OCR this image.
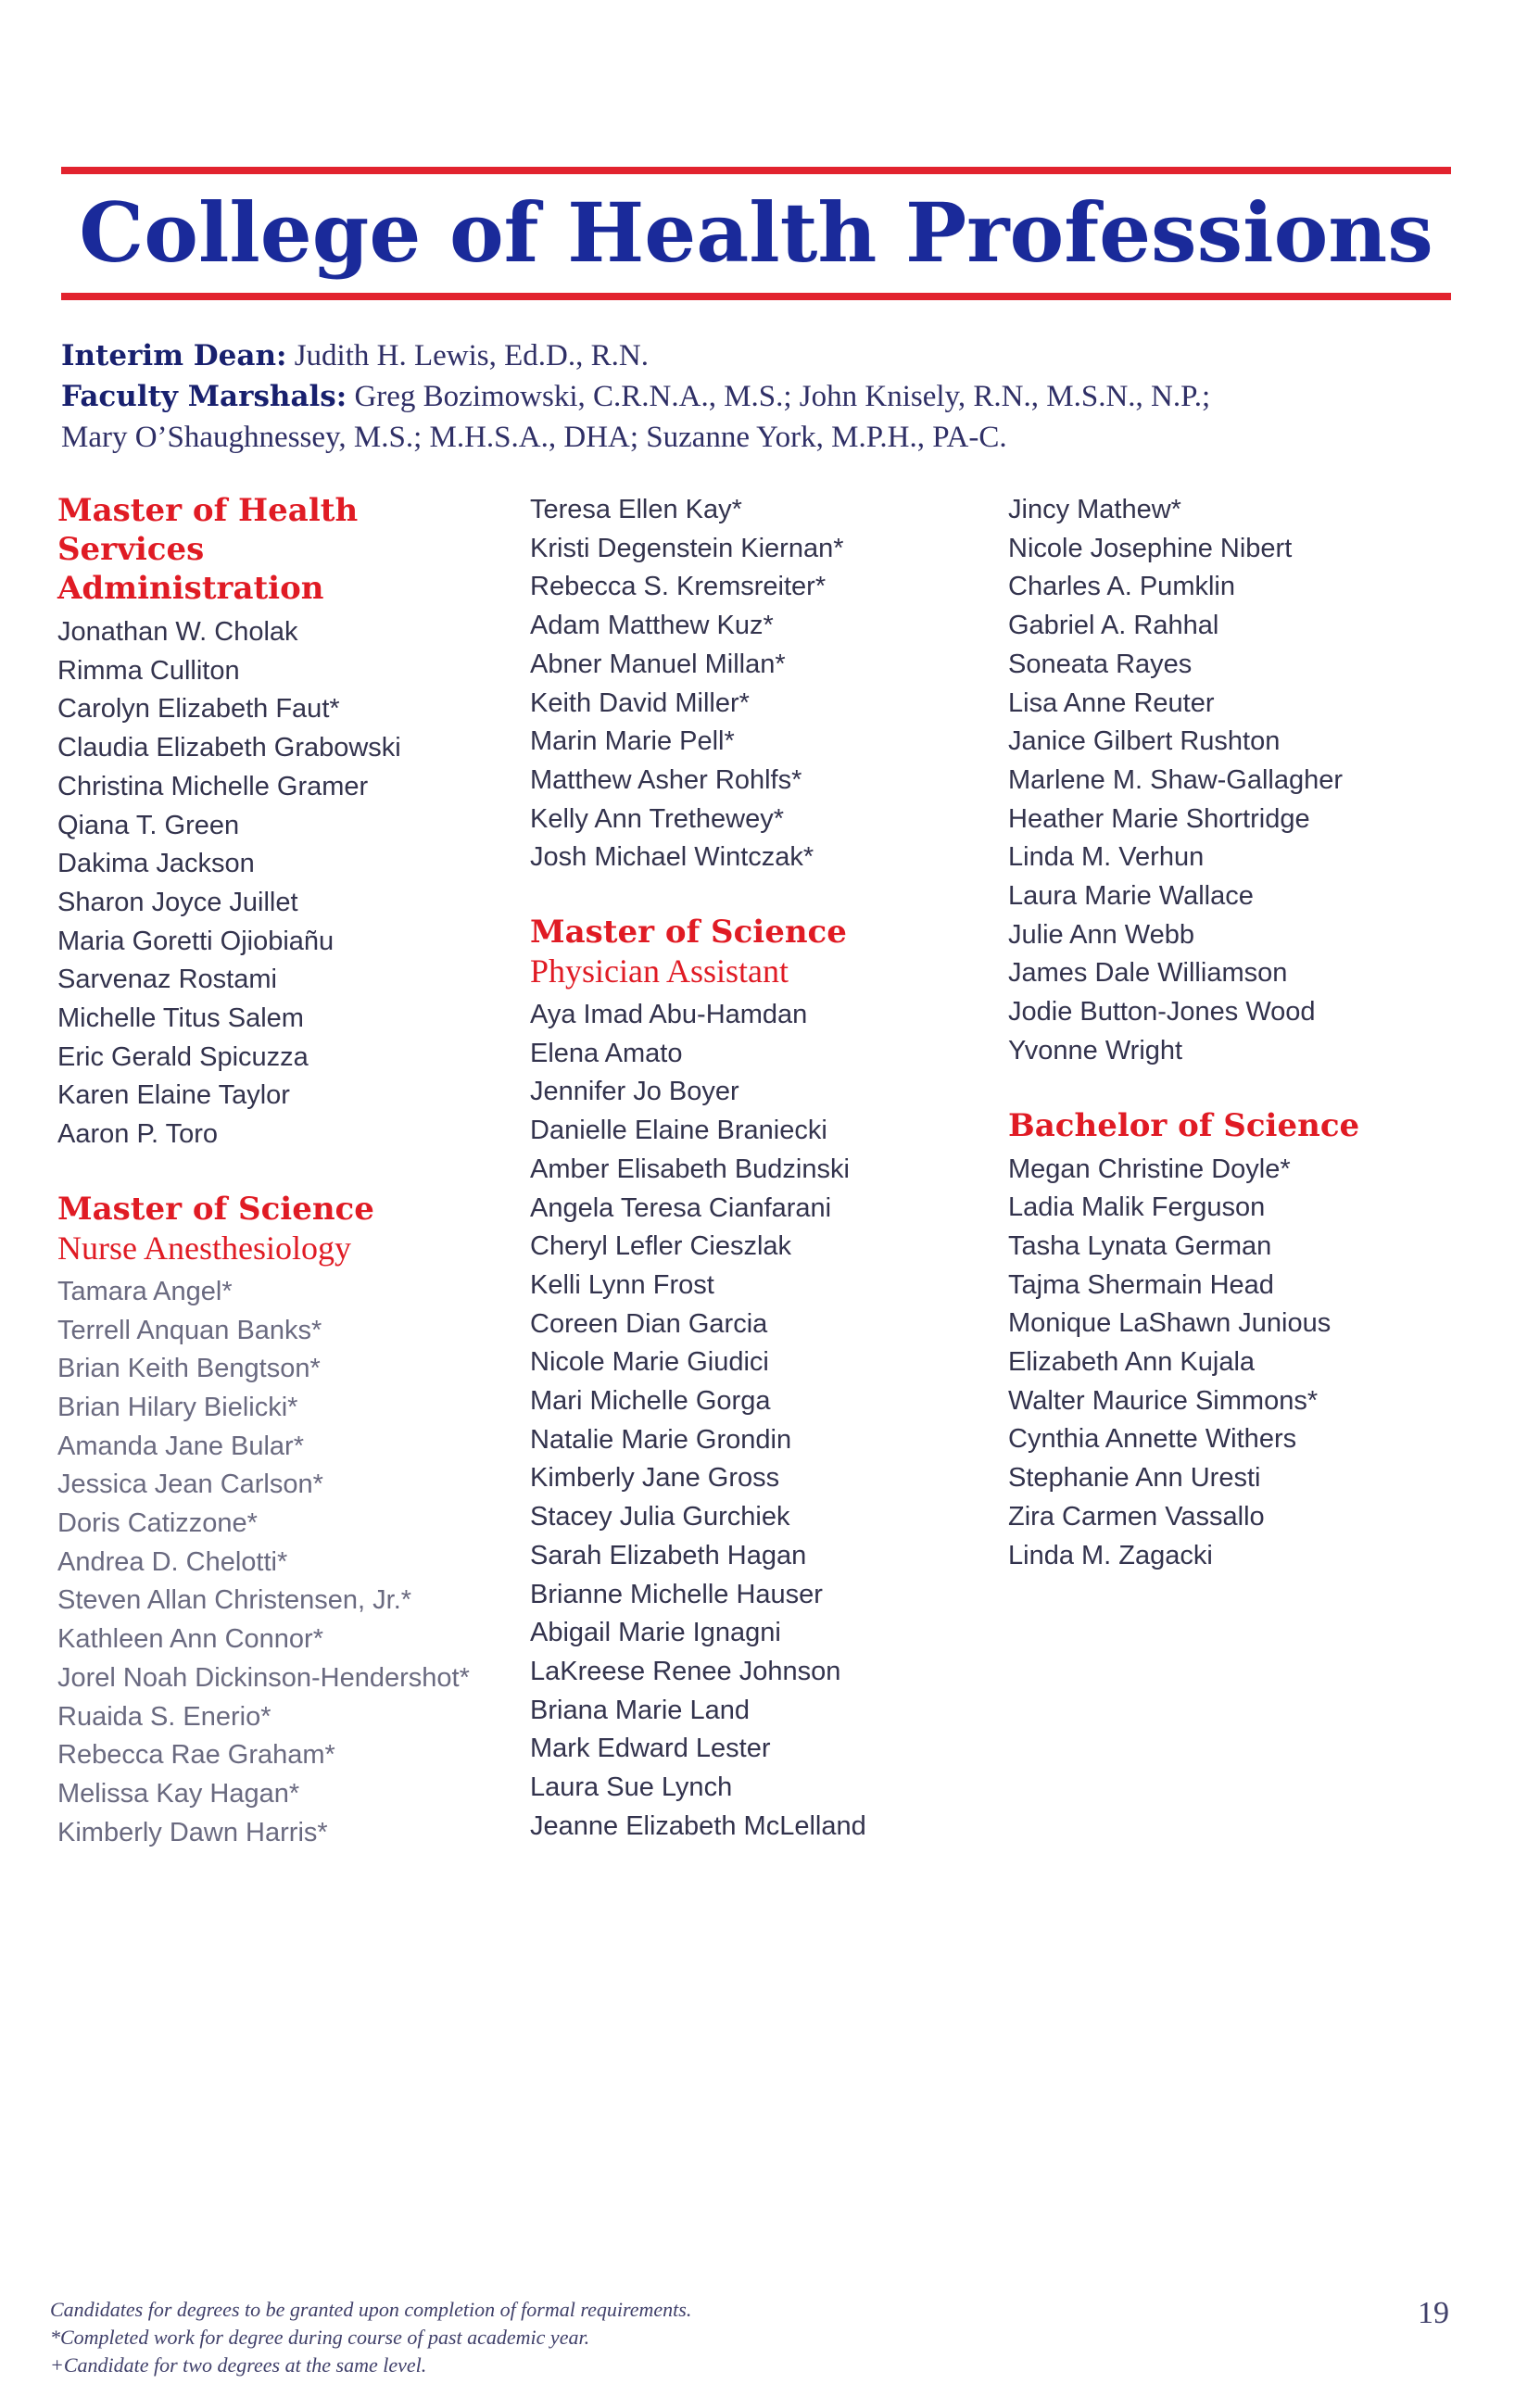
College of Health Professions
Interim Dean: Judith H. Lewis, Ed.D., R.N.
Faculty Marshals: Greg Bozimowski, C.R.N.A., M.S.; John Knisely, R.N., M.S.N., N.P.;
Mary O’Shaughnessey, M.S.; M.H.S.A., DHA; Suzanne York, M.P.H., PA-C.
Master of Health Services
Administration
Jonathan W. Cholak
Rimma Culliton
Carolyn Elizabeth Faut*
Claudia Elizabeth Grabowski
Christina Michelle Gramer
Qiana T. Green
Dakima Jackson
Sharon Joyce Juillet
Maria Goretti Ojiobiañu
Sarvenaz Rostami
Michelle Titus Salem
Eric Gerald Spicuzza
Karen Elaine Taylor
Aaron P. Toro
Master of Science
Nurse Anesthesiology
Tamara Angel*
Terrell Anquan Banks*
Brian Keith Bengtson*
Brian Hilary Bielicki*
Amanda Jane Bular*
Jessica Jean Carlson*
Doris Catizzone*
Andrea D. Chelotti*
Steven Allan Christensen, Jr.*
Kathleen Ann Connor*
Jorel Noah Dickinson-Hendershot*
Ruaida S. Enerio*
Rebecca Rae Graham*
Melissa Kay Hagan*
Kimberly Dawn Harris*
Teresa Ellen Kay*
Kristi Degenstein Kiernan*
Rebecca S. Kremsreiter*
Adam Matthew Kuz*
Abner Manuel Millan*
Keith David Miller*
Marin Marie Pell*
Matthew Asher Rohlfs*
Kelly Ann Trethewey*
Josh Michael Wintczak*
Master of Science
Physician Assistant
Aya Imad Abu-Hamdan
Elena Amato
Jennifer Jo Boyer
Danielle Elaine Braniecki
Amber Elisabeth Budzinski
Angela Teresa Cianfarani
Cheryl Lefler Cieszlak
Kelli Lynn Frost
Coreen Dian Garcia
Nicole Marie Giudici
Mari Michelle Gorga
Natalie Marie Grondin
Kimberly Jane Gross
Stacey Julia Gurchiek
Sarah Elizabeth Hagan
Brianne Michelle Hauser
Abigail Marie Ignagni
LaKreese Renee Johnson
Briana Marie Land
Mark Edward Lester
Laura Sue Lynch
Jeanne Elizabeth McLelland
Jincy Mathew*
Nicole Josephine Nibert
Charles A. Pumklin
Gabriel A. Rahhal
Soneata Rayes
Lisa Anne Reuter
Janice Gilbert Rushton
Marlene M. Shaw-Gallagher
Heather Marie Shortridge
Linda M. Verhun
Laura Marie Wallace
Julie Ann Webb
James Dale Williamson
Jodie Button-Jones Wood
Yvonne Wright
Bachelor of Science
Megan Christine Doyle*
Ladia Malik Ferguson
Tasha Lynata German
Tajma Shermain Head
Monique LaShawn Junious
Elizabeth Ann Kujala
Walter Maurice Simmons*
Cynthia Annette Withers
Stephanie Ann Uresti
Zira Carmen Vassallo
Linda M. Zagacki
Candidates for degrees to be granted upon completion of formal requirements.
*Completed work for degree during course of past academic year.
+Candidate for two degrees at the same level.
19
